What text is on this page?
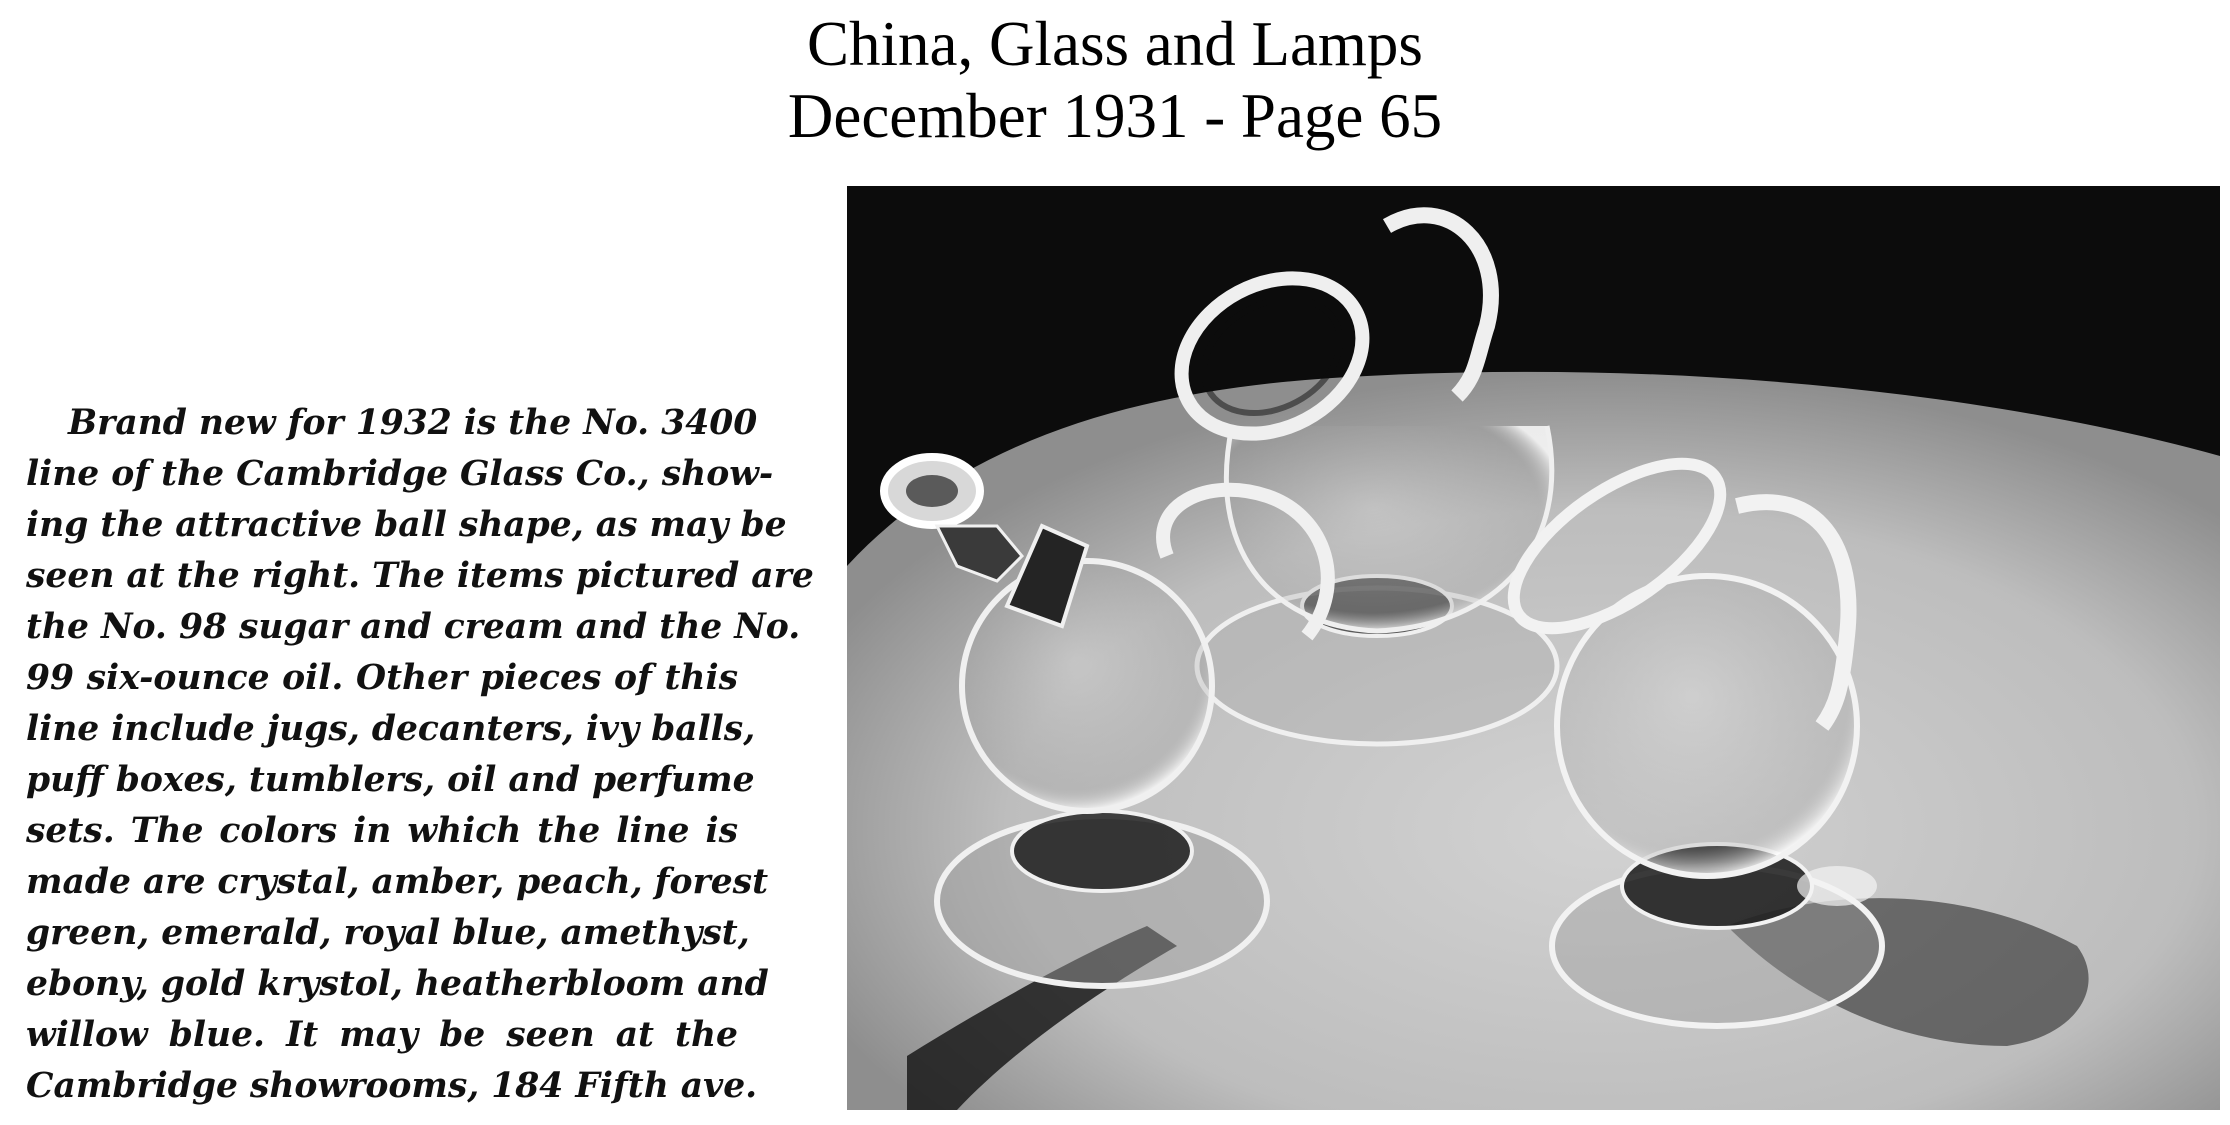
China, Glass and Lamps
December 1931 - Page 65
Brand new for 1932 is the No. 3400
line of the Cambridge Glass Co., show-
ing the attractive ball shape, as may be
seen at the right. The items pictured are
the No. 98 sugar and cream and the No.
99 six-ounce oil. Other pieces of this
line include jugs, decanters, ivy balls,
puff boxes, tumblers, oil and perfume
sets. The colors in which the line is
made are crystal, amber, peach, forest
green, emerald, royal blue, amethyst,
ebony, gold krystol, heatherbloom and
willow blue. It may be seen at the
Cambridge showrooms, 184 Fifth ave.
